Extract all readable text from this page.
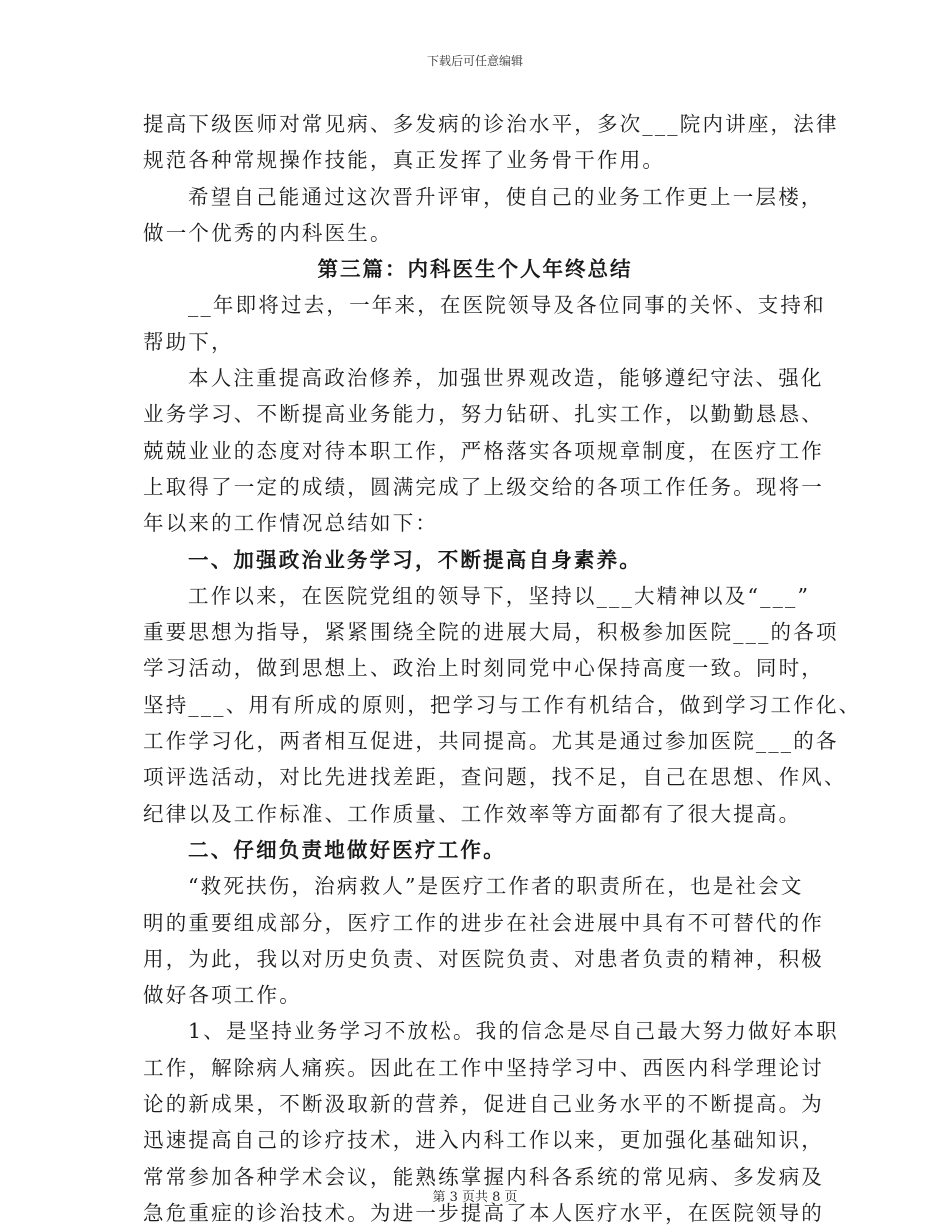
下载后可任意编辑

提高下级医师对常见病、多发病的诊治水平，多次___院内讲座，法律

规范各种常规操作技能，真正发挥了业务骨干作用。

希望自己能通过这次晋升评审，使自己的业务工作更上一层楼，

做一个优秀的内科医生。

第三篇：内科医生个人年终总结

__年即将过去，一年来，在医院领导及各位同事的关怀、支持和

帮助下，

本人注重提高政治修养，加强世界观改造，能够遵纪守法、强化

业务学习、不断提高业务能力，努力钻研、扎实工作，以勤勤恳恳、

兢兢业业的态度对待本职工作，严格落实各项规章制度，在医疗工作

上取得了一定的成绩，圆满完成了上级交给的各项工作任务。现将一

年以来的工作情况总结如下：

一、加强政治业务学习，不断提高自身素养。

工作以来，在医院党组的领导下，坚持以___大精神以及“___”

重要思想为指导，紧紧围绕全院的进展大局，积极参加医院___的各项

学习活动，做到思想上、政治上时刻同党中心保持高度一致。同时，

坚持___、用有所成的原则，把学习与工作有机结合，做到学习工作化、

工作学习化，两者相互促进，共同提高。尤其是通过参加医院___的各

项评选活动，对比先进找差距，查问题，找不足，自己在思想、作风、

纪律以及工作标准、工作质量、工作效率等方面都有了很大提高。

二、仔细负责地做好医疗工作。

“救死扶伤，治病救人”是医疗工作者的职责所在，也是社会文

明的重要组成部分，医疗工作的进步在社会进展中具有不可替代的作

用，为此，我以对历史负责、对医院负责、对患者负责的精神，积极

做好各项工作。

1、是坚持业务学习不放松。我的信念是尽自己最大努力做好本职

工作，解除病人痛疾。因此在工作中坚持学习中、西医内科学理论讨

论的新成果，不断汲取新的营养，促进自己业务水平的不断提高。为

迅速提高自己的诊疗技术，进入内科工作以来，更加强化基础知识，

常常参加各种学术会议，能熟练掌握内科各系统的常见病、多发病及

急危重症的诊治技术。为进一步提高了本人医疗水平，在医院领导的

第 3 页共 8 页
